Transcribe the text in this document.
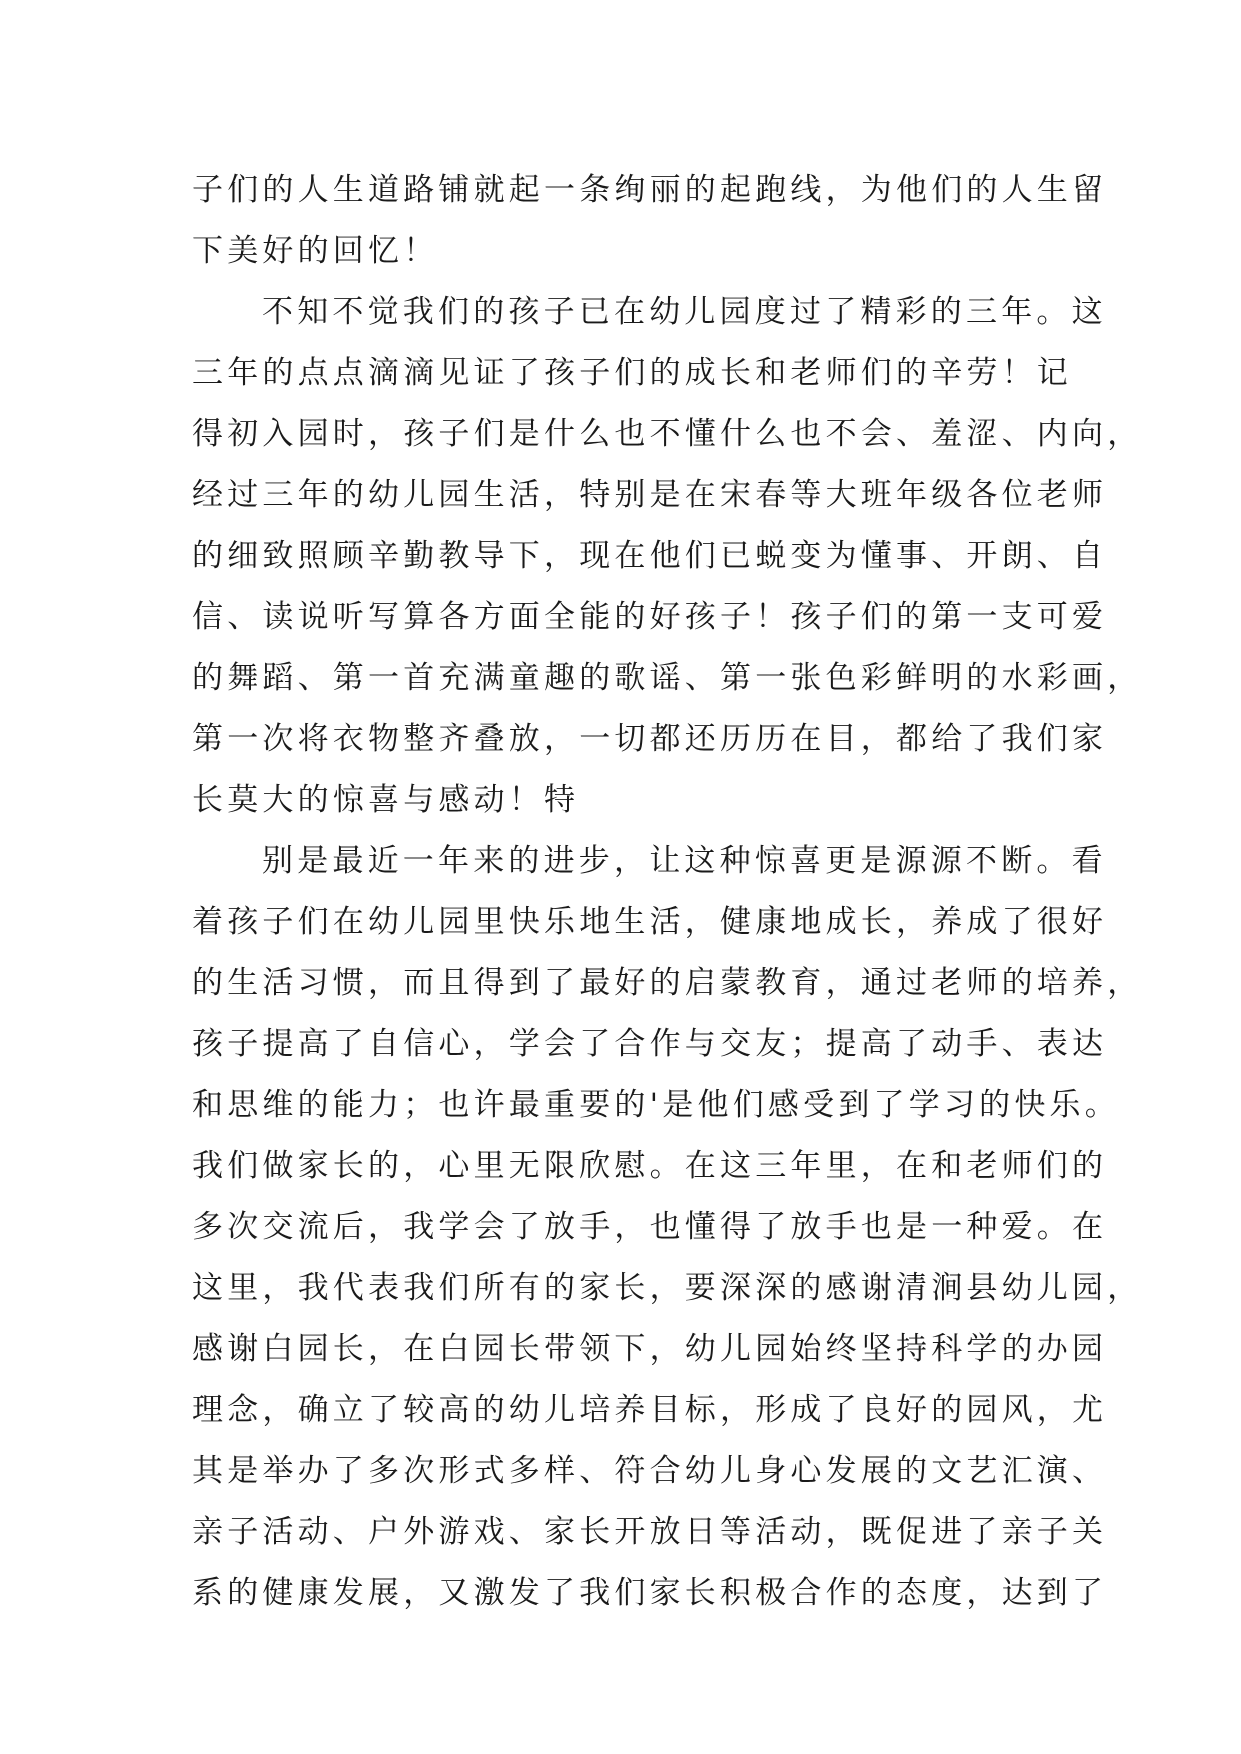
子们的人生道路铺就起一条绚丽的起跑线，为他们的人生留
下美好的回忆！
不知不觉我们的孩子已在幼儿园度过了精彩的三年。这
三年的点点滴滴见证了孩子们的成长和老师们的辛劳！记
得初入园时，孩子们是什么也不懂什么也不会、羞涩、内向，
经过三年的幼儿园生活，特别是在宋春等大班年级各位老师
的细致照顾辛勤教导下，现在他们已蜕变为懂事、开朗、自
信、读说听写算各方面全能的好孩子！孩子们的第一支可爱
的舞蹈、第一首充满童趣的歌谣、第一张色彩鲜明的水彩画，
第一次将衣物整齐叠放，一切都还历历在目，都给了我们家
长莫大的惊喜与感动！特
别是最近一年来的进步，让这种惊喜更是源源不断。看
着孩子们在幼儿园里快乐地生活，健康地成长，养成了很好
的生活习惯，而且得到了最好的启蒙教育，通过老师的培养，
孩子提高了自信心，学会了合作与交友；提高了动手、表达
和思维的能力；也许最重要的'是他们感受到了学习的快乐。
我们做家长的，心里无限欣慰。在这三年里，在和老师们的
多次交流后，我学会了放手，也懂得了放手也是一种爱。在
这里，我代表我们所有的家长，要深深的感谢清涧县幼儿园，
感谢白园长，在白园长带领下，幼儿园始终坚持科学的办园
理念，确立了较高的幼儿培养目标，形成了良好的园风，尤
其是举办了多次形式多样、符合幼儿身心发展的文艺汇演、
亲子活动、户外游戏、家长开放日等活动，既促进了亲子关
系的健康发展，又激发了我们家长积极合作的态度，达到了
